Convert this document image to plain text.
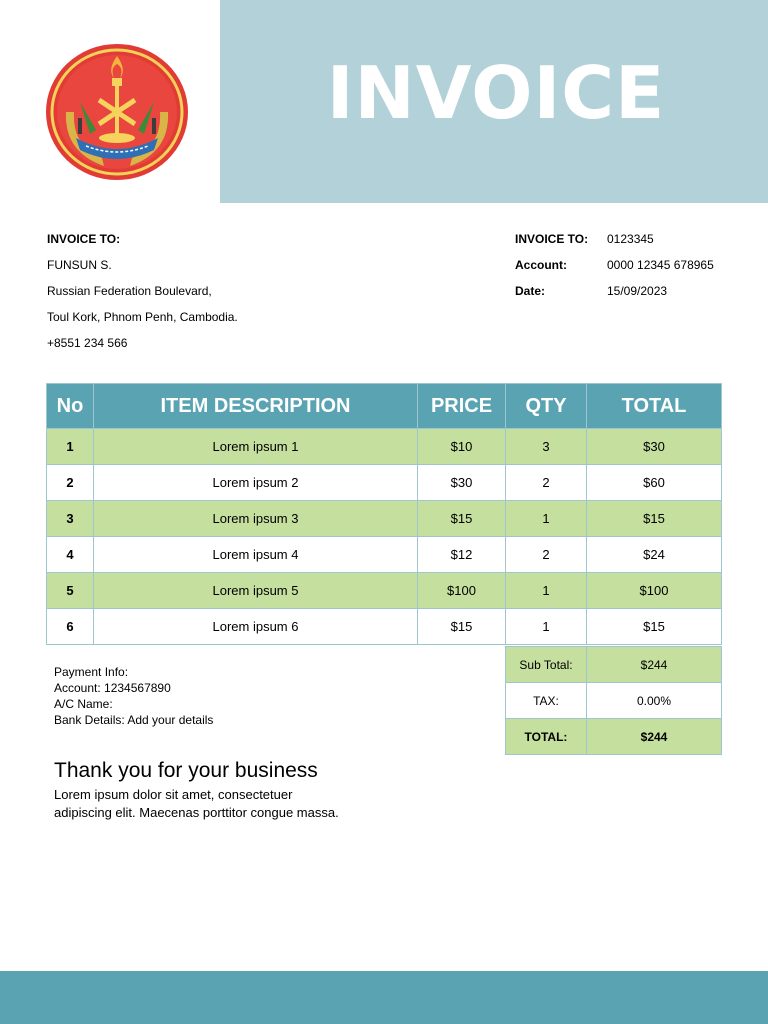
INVOICE
INVOICE TO:
FUNSUN S.
Russian Federation Boulevard,
Toul Kork, Phnom Penh, Cambodia.
+8551 234 566
INVOICE TO:	0123345
Account:	0000 12345 678965
Date:	15/09/2023
No	ITEM DESCRIPTION	PRICE	QTY	TOTAL
1	Lorem ipsum 1	$10	3	$30
2	Lorem ipsum 2	$30	2	$60
3	Lorem ipsum 3	$15	1	$15
4	Lorem ipsum 4	$12	2	$24
5	Lorem ipsum 5	$100	1	$100
6	Lorem ipsum 6	$15	1	$15
Sub Total:	$244
TAX:	0.00%
TOTAL:	$244
Payment Info:
Account: 1234567890
A/C Name:
Bank Details: Add your details
Thank you for your business
Lorem ipsum dolor sit amet, consectetuer
adipiscing elit. Maecenas porttitor congue massa.
